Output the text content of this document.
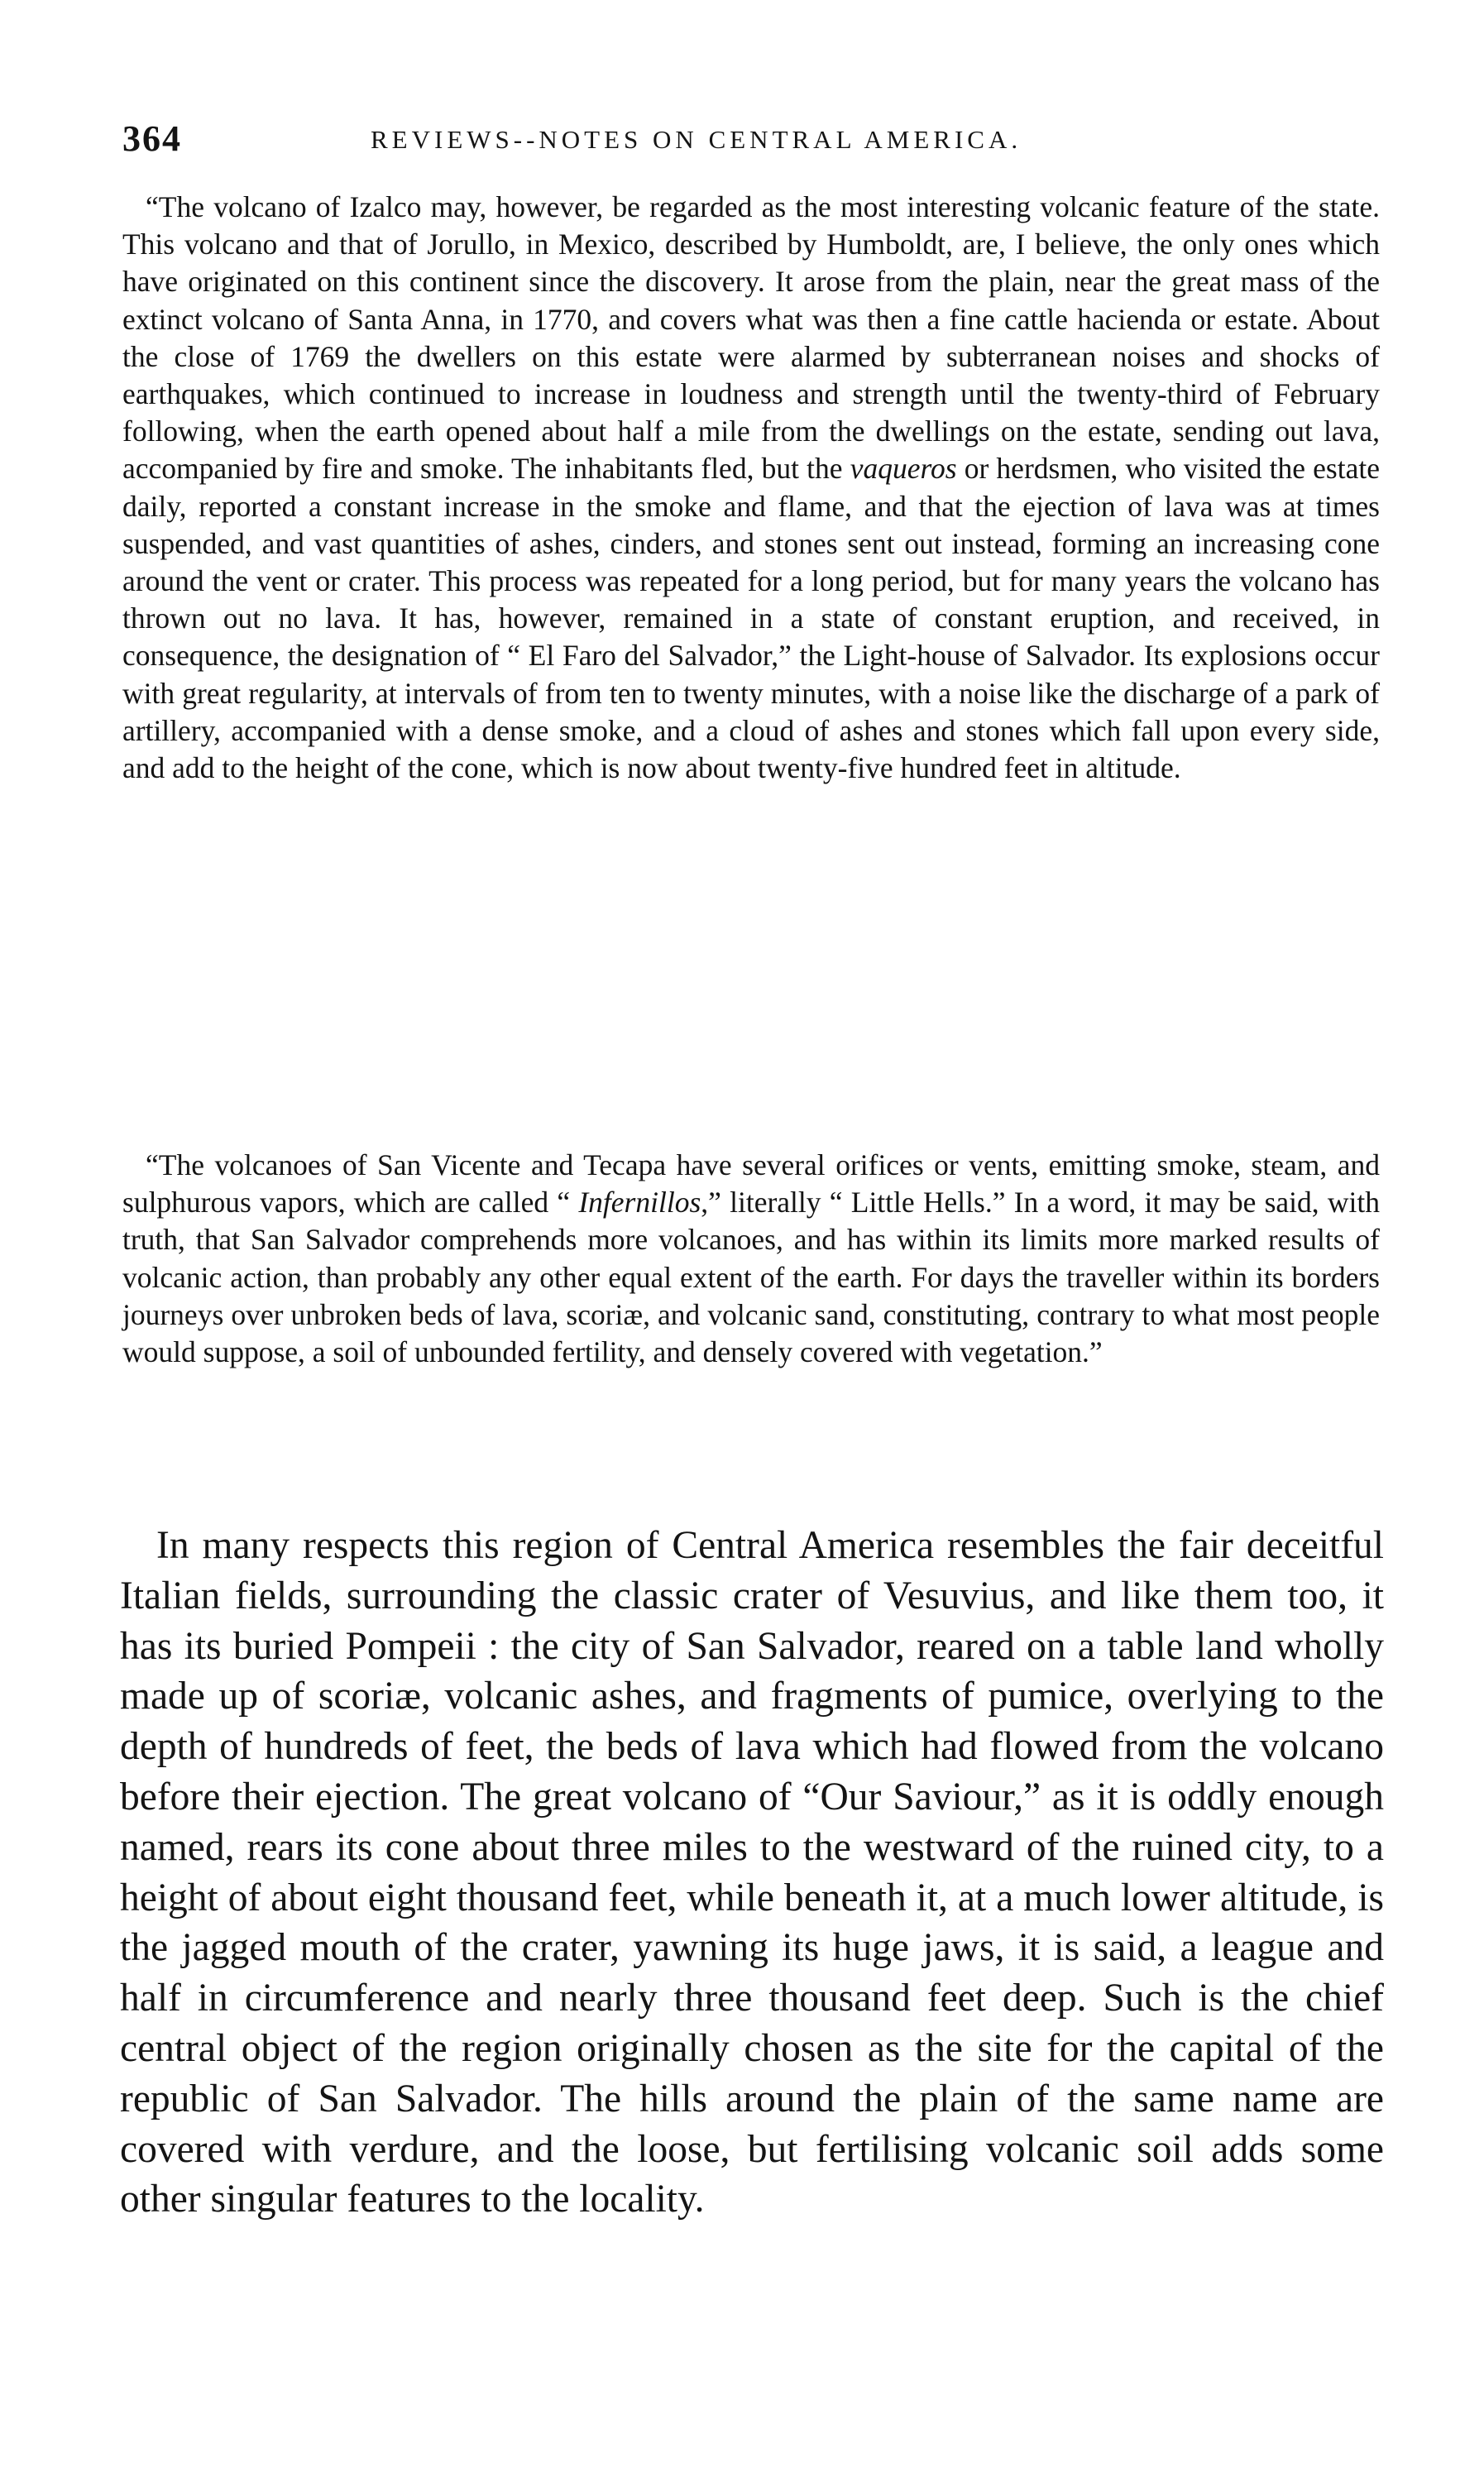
364	REVIEWS--NOTES ON CENTRAL AMERICA.

“The volcano of Izalco may, however, be regarded as the most interesting volcanic feature of the state. This volcano and that of Jorullo, in Mexico, described by Humboldt, are, I believe, the only ones which have originated on this continent since the discovery. It arose from the plain, near the great mass of the extinct volcano of Santa Anna, in 1770, and covers what was then a fine cattle hacienda or estate. About the close of 1769 the dwellers on this estate were alarmed by subterranean noises and shocks of earthquakes, which continued to increase in loudness and strength until the twenty-third of February following, when the earth opened about half a mile from the dwellings on the estate, sending out lava, accompanied by fire and smoke. The inhabitants fled, but the vaqueros or herdsmen, who visited the estate daily, reported a constant increase in the smoke and flame, and that the ejection of lava was at times suspended, and vast quantities of ashes, cinders, and stones sent out instead, forming an increasing cone around the vent or crater. This process was repeated for a long period, but for many years the volcano has thrown out no lava. It has, however, remained in a state of constant eruption, and received, in consequence, the designation of “ El Faro del Salvador,” the Light-house of Salvador. Its explosions occur with great regularity, at intervals of from ten to twenty minutes, with a noise like the discharge of a park of artillery, accompanied with a dense smoke, and a cloud of ashes and stones which fall upon every side, and add to the height of the cone, which is now about twenty-five hundred feet in altitude.

“The volcanoes of San Vicente and Tecapa have several orifices or vents, emitting smoke, steam, and sulphurous vapors, which are called “ Infernillos,” literally “ Little Hells.” In a word, it may be said, with truth, that San Salvador comprehends more volcanoes, and has within its limits more marked results of volcanic action, than probably any other equal extent of the earth. For days the traveller within its borders journeys over unbroken beds of lava, scoriæ, and volcanic sand, constituting, contrary to what most people would suppose, a soil of unbounded fertility, and densely covered with vegetation.”

In many respects this region of Central America resembles the fair deceitful Italian fields, surrounding the classic crater of Vesuvius, and like them too, it has its buried Pompeii : the city of San Salvador, reared on a table land wholly made up of scoriæ, volcanic ashes, and fragments of pumice, overlying to the depth of hundreds of feet, the beds of lava which had flowed from the volcano before their ejection. The great volcano of “Our Saviour,” as it is oddly enough named, rears its cone about three miles to the westward of the ruined city, to a height of about eight thousand feet, while beneath it, at a much lower altitude, is the jagged mouth of the crater, yawning its huge jaws, it is said, a league and half in circumference and nearly three thousand feet deep. Such is the chief central object of the region originally chosen as the site for the capital of the republic of San Salvador. The hills around the plain of the same name are covered with verdure, and the loose, but fertilising volcanic soil adds some other singular features to the locality.
